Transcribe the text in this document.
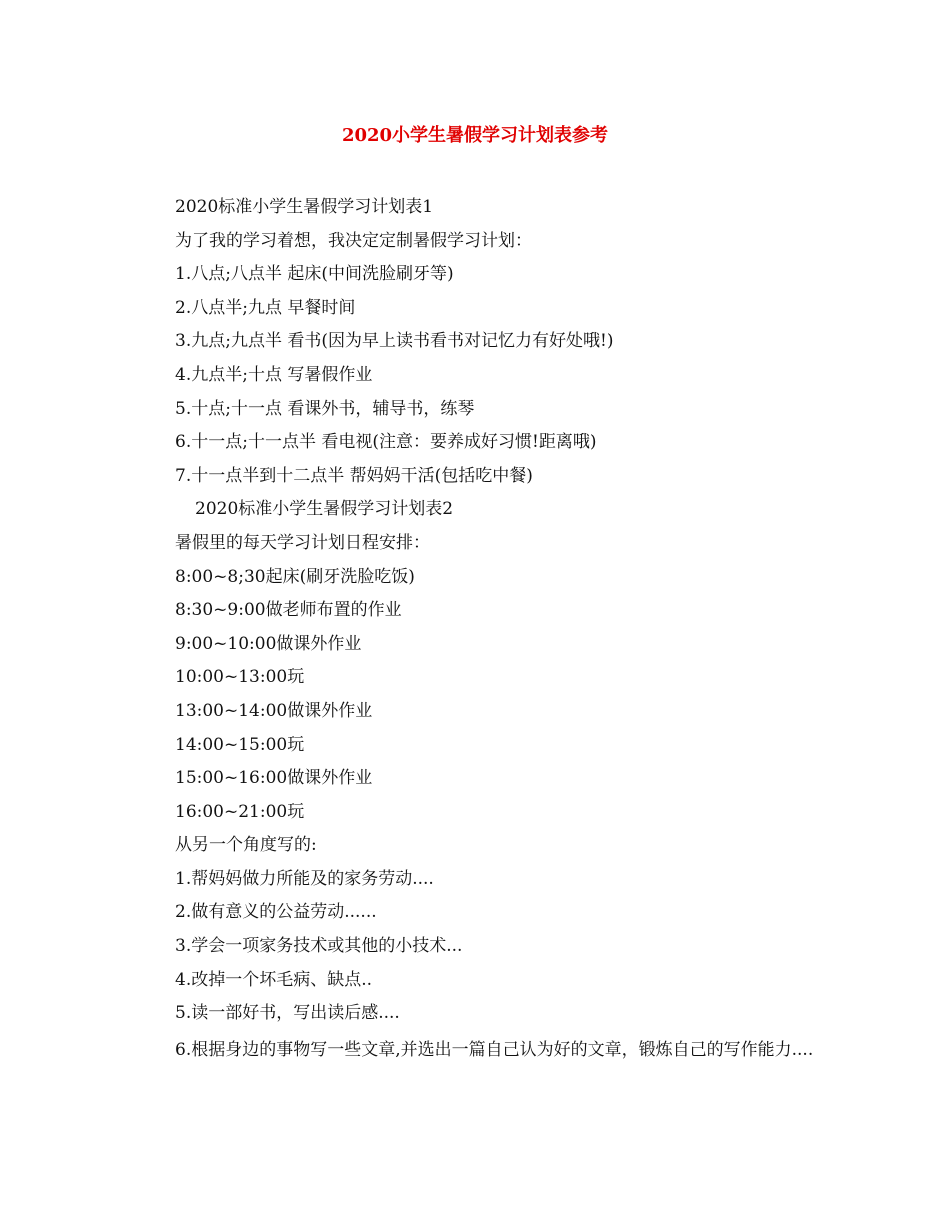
2020小学生暑假学习计划表参考
2020标准小学生暑假学习计划表1
为了我的学习着想，我决定定制暑假学习计划：
1.八点;八点半 起床(中间洗脸刷牙等)
2.八点半;九点 早餐时间
3.九点;九点半 看书(因为早上读书看书对记忆力有好处哦!)
4.九点半;十点 写暑假作业
5.十点;十一点 看课外书，辅导书，练琴
6.十一点;十一点半 看电视(注意：要养成好习惯!距离哦)
7.十一点半到十二点半 帮妈妈干活(包括吃中餐)
2020标准小学生暑假学习计划表2
暑假里的每天学习计划日程安排：
8:00~8;30起床(刷牙洗脸吃饭)
8:30~9:00做老师布置的作业
9:00~10:00做课外作业
10:00~13:00玩
13:00~14:00做课外作业
14:00~15:00玩
15:00~16:00做课外作业
16:00~21:00玩
从另一个角度写的:
1.帮妈妈做力所能及的家务劳动....
2.做有意义的公益劳动......
3.学会一项家务技术或其他的小技术...
4.改掉一个坏毛病、缺点..
5.读一部好书，写出读后感....
6.根据身边的事物写一些文章,并选出一篇自己认为好的文章，锻炼自己的写作能力....
